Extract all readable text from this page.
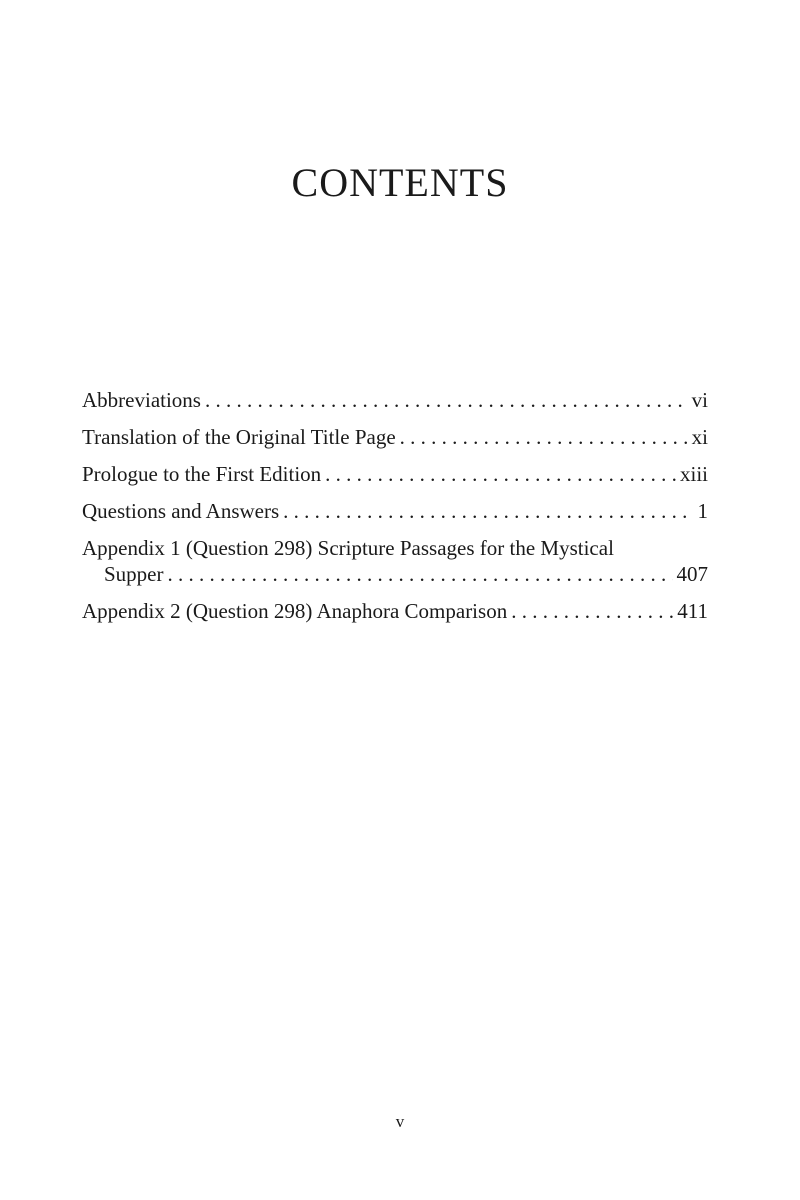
CONTENTS
Abbreviations . . .	vi
Translation of the Original Title Page . . .	xi
Prologue to the First Edition . . .	xiii
Questions and Answers . . .	1
Appendix 1 (Question 298) Scripture Passages for the Mystical
Supper . . .	407
Appendix 2 (Question 298) Anaphora Comparison . . .	411
v
